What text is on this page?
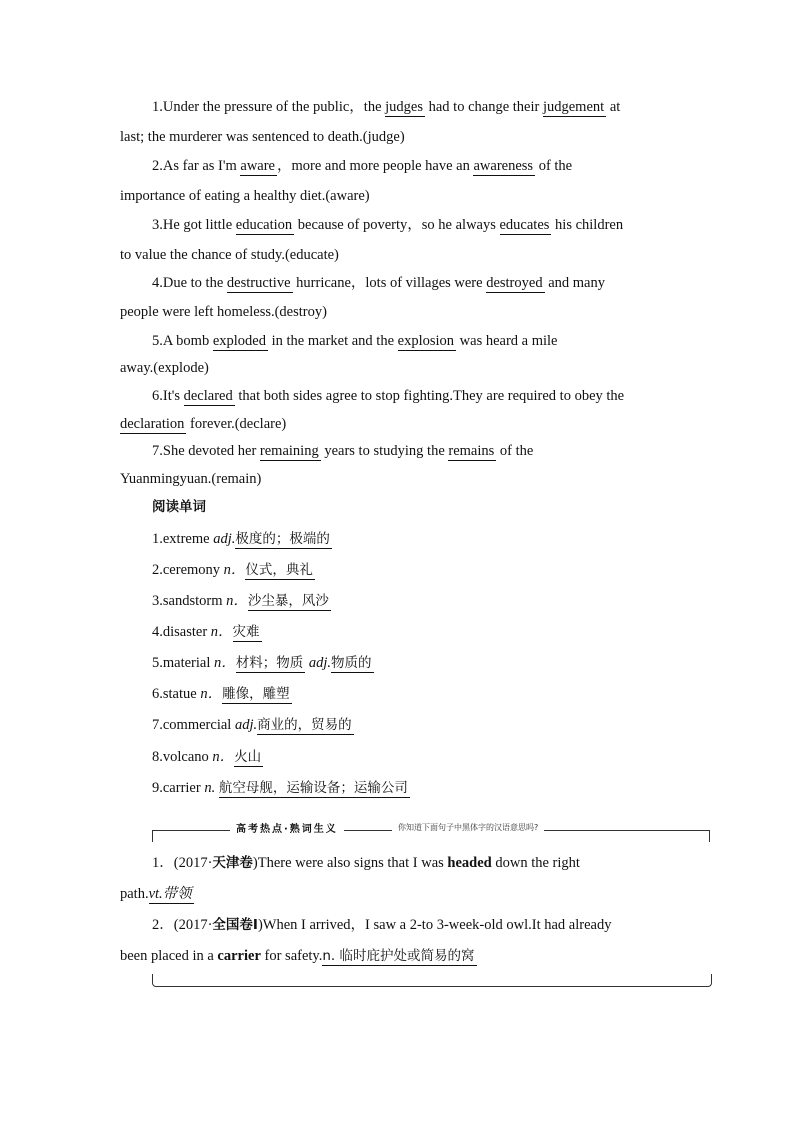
1.Under the pressure of the public，the judges had to change their judgement at
last; the murderer was sentenced to death.(judge)
2.As far as I'm aware ，more and more people have an awareness of the
importance of eating a healthy diet.(aware)
3.He got little education because of poverty，so he always educates his children
to value the chance of study.(educate)
4.Due to the destructive hurricane，lots of villages were destroyed and many
people were left homeless.(destroy)
5.A bomb exploded in the market and the explosion was heard a mile
away.(explode)
6.It's declared that both sides agree to stop fighting.They are required to obey the
declaration forever.(declare)
7.She devoted her remaining years to studying the remains of the
Yuanmingyuan.(remain)
阅读单词
1.extreme adj.极度的；极端的
2.ceremony n．仪式，典礼
3.sandstorm n．沙尘暴，风沙
4.disaster n．灾难
5.material n．材料；物质 adj.物质的
6.statue n．雕像，雕塑
7.commercial adj.商业的，贸易的
8.volcano n．火山
9.carrier n. 航空母舰，运输设备；运输公司
高考热点·熟词生义	你知道下面句子中黑体字的汉语意思吗?
1．(2017·天津卷)There were also signs that I was headed down the right
path.vt.带领
2．(2017·全国卷Ⅰ)When I arrived，I saw a 2-to 3-week-old owl.It had already
been placed in a carrier for safety.n. 临时庇护处或简易的窝
